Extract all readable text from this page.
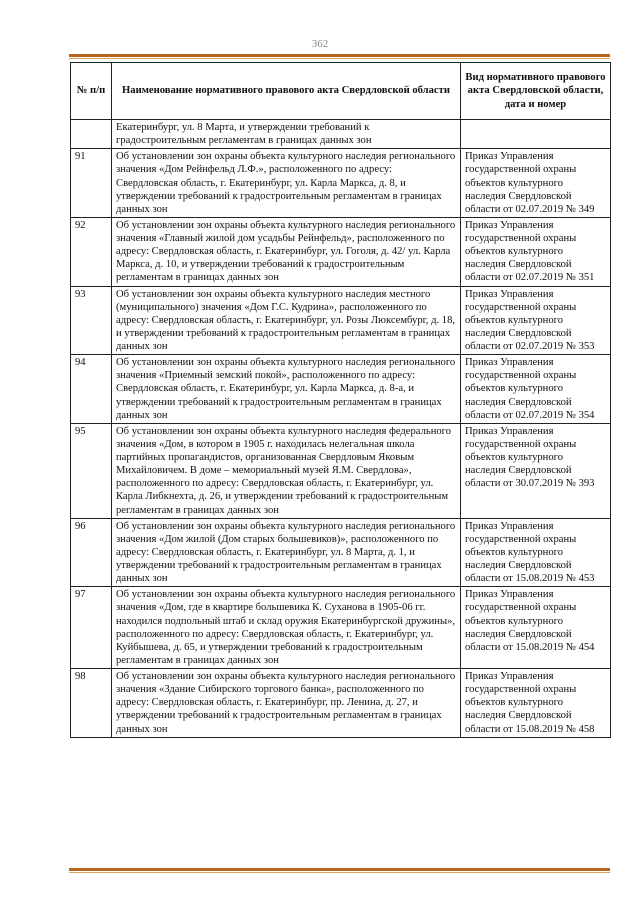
362
№ п/п	Наименование нормативного правового акта Свердловской области	Вид нормативного правового акта Свердловской области, дата и номер
	Екатеринбург, ул. 8 Марта, и утверждении требований к градостроительным регламентам в границах данных зон	
91	Об установлении зон охраны объекта культурного наследия регионального значения «Дом Рейнфельд Л.Ф.», расположенного по адресу: Свердловская область, г. Екатеринбург, ул. Карла Маркса, д. 8, и утверждении требований к градостроительным регламентам в границах данных зон	Приказ Управления государственной охраны объектов культурного наследия Свердловской области от 02.07.2019 № 349
92	Об установлении зон охраны объекта культурного наследия регионального значения «Главный жилой дом усадьбы Рейнфельд», расположенного по адресу: Свердловская область, г. Екатеринбург, ул. Гоголя, д. 42/ ул. Карла Маркса, д. 10, и утверждении требований к градостроительным регламентам в границах данных зон	Приказ Управления государственной охраны объектов культурного наследия Свердловской области от 02.07.2019 № 351
93	Об установлении зон охраны объекта культурного наследия местного (муниципального) значения «Дом Г.С. Кудрина», расположенного по адресу: Свердловская область, г. Екатеринбург, ул. Розы Люксембург, д. 18, и утверждении требований к градостроительным регламентам в границах данных зон	Приказ Управления государственной охраны объектов культурного наследия Свердловской области от 02.07.2019 № 353
94	Об установлении зон охраны объекта культурного наследия регионального значения «Приемный земский покой», расположенного по адресу: Свердловская область, г. Екатеринбург, ул. Карла Маркса, д. 8-а, и утверждении требований к градостроительным регламентам в границах данных зон	Приказ Управления государственной охраны объектов культурного наследия Свердловской области от 02.07.2019 № 354
95	Об установлении зон охраны объекта культурного наследия федерального значения «Дом, в котором в 1905 г. находилась нелегальная школа партийных пропагандистов, организованная Свердловым Яковым Михайловичем. В доме – мемориальный музей Я.М. Свердлова», расположенного по адресу: Свердловская область, г. Екатеринбург, ул. Карла Либкнехта, д. 26, и утверждении требований к градостроительным регламентам в границах данных зон	Приказ Управления государственной охраны объектов культурного наследия Свердловской области от 30.07.2019 № 393
96	Об установлении зон охраны объекта культурного наследия регионального значения «Дом жилой (Дом старых большевиков)», расположенного по адресу: Свердловская область, г. Екатеринбург, ул. 8 Марта, д. 1, и утверждении требований к градостроительным регламентам в границах данных зон	Приказ Управления государственной охраны объектов культурного наследия Свердловской области от 15.08.2019 № 453
97	Об установлении зон охраны объекта культурного наследия регионального значения «Дом, где в квартире большевика К. Суханова в 1905-06 гг. находился подпольный штаб и склад оружия Екатеринбургской дружины», расположенного по адресу: Свердловская область, г. Екатеринбург, ул. Куйбышева, д. 65, и утверждении требований к градостроительным регламентам в границах данных зон	Приказ Управления государственной охраны объектов культурного наследия Свердловской области от 15.08.2019 № 454
98	Об установлении зон охраны объекта культурного наследия регионального значения «Здание Сибирского торгового банка», расположенного по адресу: Свердловская область, г. Екатеринбург, пр. Ленина, д. 27, и утверждении требований к градостроительным регламентам в границах данных зон	Приказ Управления государственной охраны объектов культурного наследия Свердловской области от 15.08.2019 № 458
